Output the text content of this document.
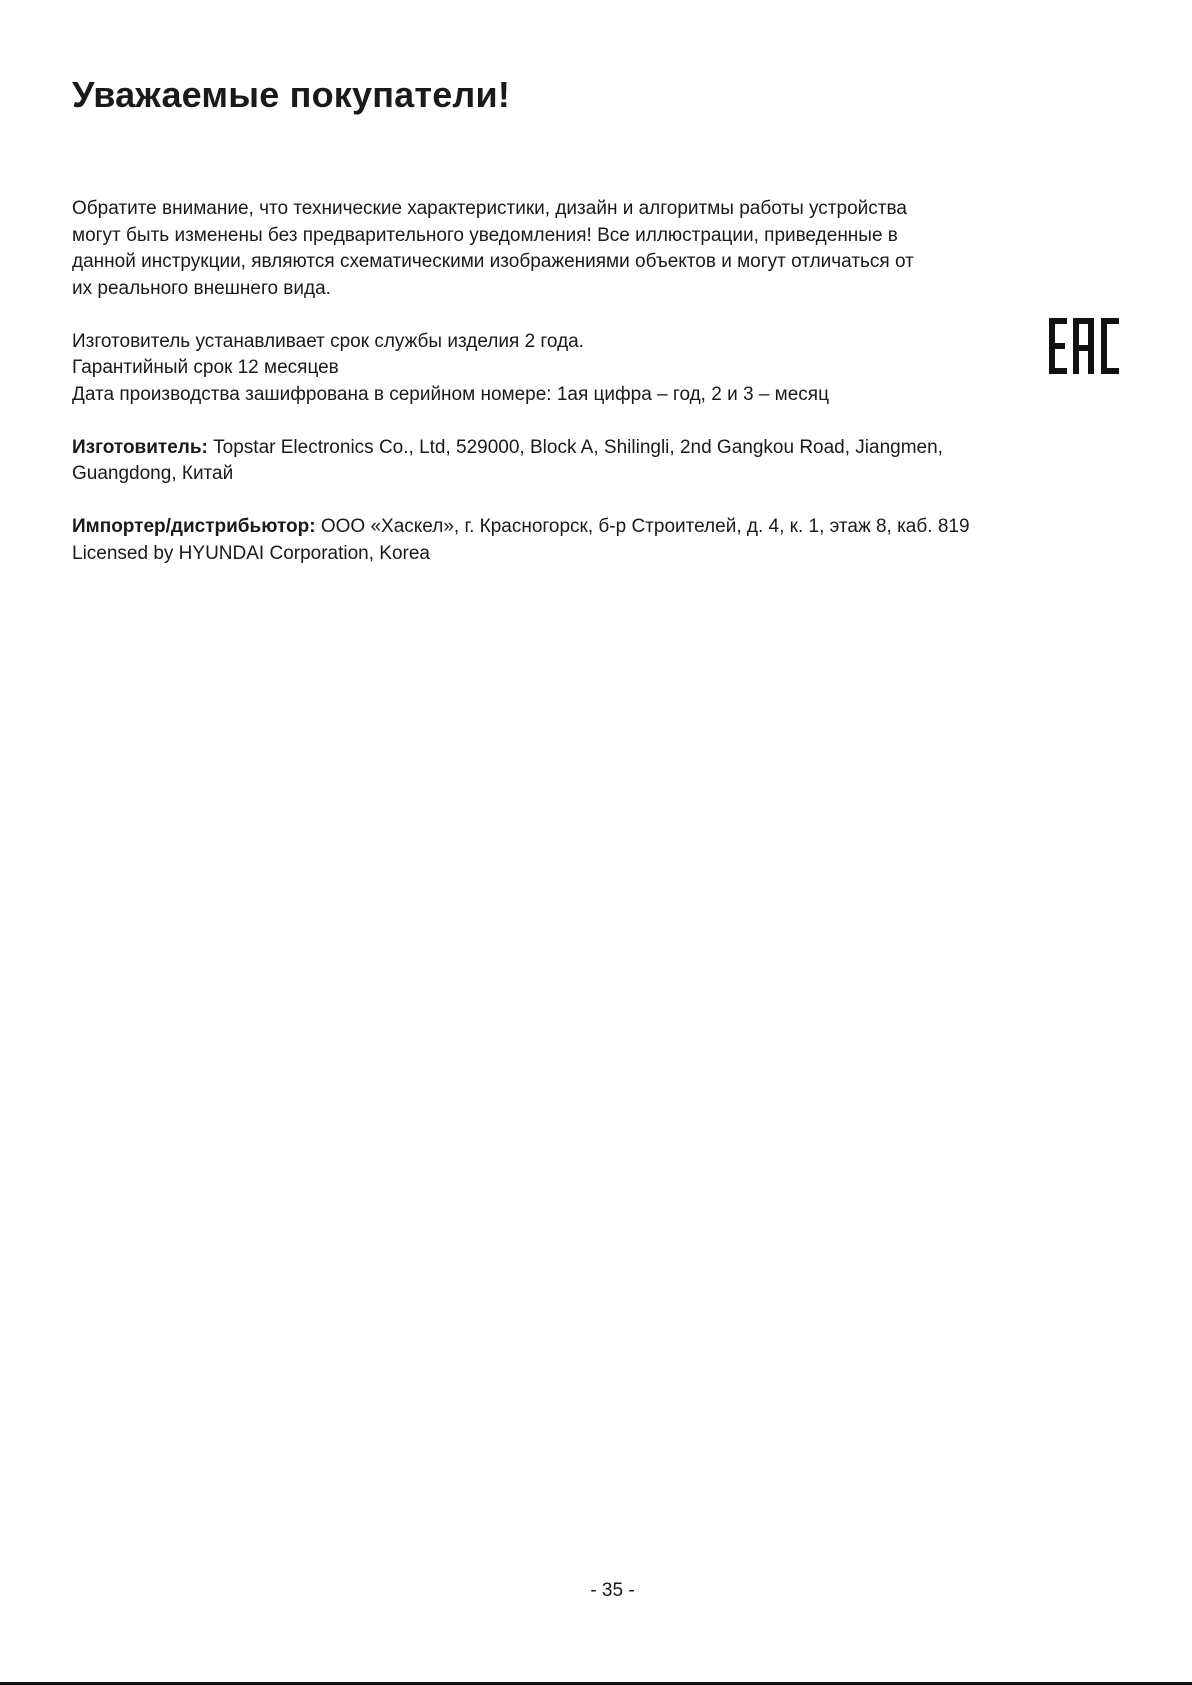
Уважаемые покупатели!

Обратите внимание, что технические характеристики, дизайн и алгоритмы работы устройства
могут быть изменены без предварительного уведомления! Все иллюстрации, приведенные в
данной инструкции, являются схематическими изображениями объектов и могут отличаться от
их реального внешнего вида.

Изготовитель устанавливает срок службы изделия 2 года.
Гарантийный срок 12 месяцев
Дата производства зашифрована в серийном номере: 1ая цифра – год, 2 и 3 – месяц

Изготовитель: Topstar Electronics Co., Ltd, 529000, Block A, Shilingli, 2nd Gangkou Road, Jiangmen,
Guangdong, Китай

Импортер/дистрибьютор: ООО «Хаскел», г. Красногорск, б-р Строителей, д. 4, к. 1, этаж 8, каб. 819
Licensed by HYUNDAI Corporation, Korea

- 35 -
